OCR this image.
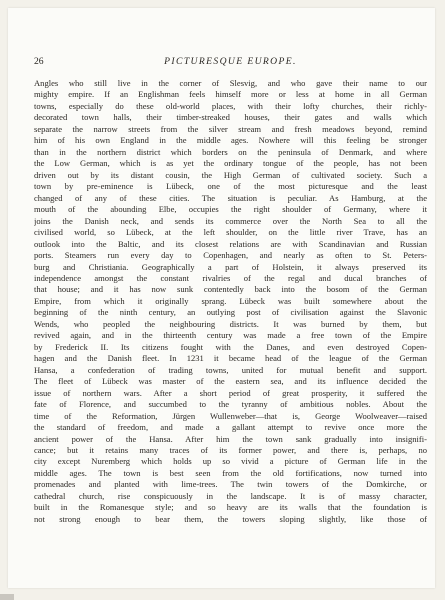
26	PICTURESQUE EUROPE.
Angles who still live in the corner of Slesvig, and who gave their name to our
mighty empire. If an Englishman feels himself more or less at home in all German
towns, especially do these old-world places, with their lofty churches, their richly-
decorated town halls, their timber-streaked houses, their gates and walls which
separate the narrow streets from the silver stream and fresh meadows beyond, remind
him of his own England in the middle ages. Nowhere will this feeling be stronger
than in the northern district which borders on the peninsula of Denmark, and where
the Low German, which is as yet the ordinary tongue of the people, has not been
driven out by its distant cousin, the High German of cultivated society. Such a
town by pre-eminence is Lübeck, one of the most picturesque and the least
changed of any of these cities. The situation is peculiar. As Hamburg, at the
mouth of the abounding Elbe, occupies the right shoulder of Germany, where it
joins the Danish neck, and sends its commerce over the North Sea to all the
civilised world, so Lübeck, at the left shoulder, on the little river Trave, has an
outlook into the Baltic, and its closest relations are with Scandinavian and Russian
ports. Steamers run every day to Copenhagen, and nearly as often to St. Peters-
burg and Christiania. Geographically a part of Holstein, it always preserved its
independence amongst the constant rivalries of the regal and ducal branches of
that house; and it has now sunk contentedly back into the bosom of the German
Empire, from which it originally sprang. Lübeck was built somewhere about the
beginning of the ninth century, an outlying post of civilisation against the Slavonic
Wends, who peopled the neighbouring districts. It was burned by them, but
revived again, and in the thirteenth century was made a free town of the Empire
by Frederick II. Its citizens fought with the Danes, and even destroyed Copen-
hagen and the Danish fleet. In 1231 it became head of the league of the German
Hansa, a confederation of trading towns, united for mutual benefit and support.
The fleet of Lübeck was master of the eastern sea, and its influence decided the
issue of northern wars. After a short period of great prosperity, it suffered the
fate of Florence, and succumbed to the tyranny of ambitious nobles. About the
time of the Reformation, Jürgen Wullenweber—that is, George Woolweaver—raised
the standard of freedom, and made a gallant attempt to revive once more the
ancient power of the Hansa. After him the town sank gradually into insignifi-
cance; but it retains many traces of its former power, and there is, perhaps, no
city except Nuremberg which holds up so vivid a picture of German life in the
middle ages. The town is best seen from the old fortifications, now turned into
promenades and planted with lime-trees. The twin towers of the Domkirche, or
cathedral church, rise conspicuously in the landscape. It is of massy character,
built in the Romanesque style; and so heavy are its walls that the foundation is
not strong enough to bear them, the towers sloping slightly, like those of
